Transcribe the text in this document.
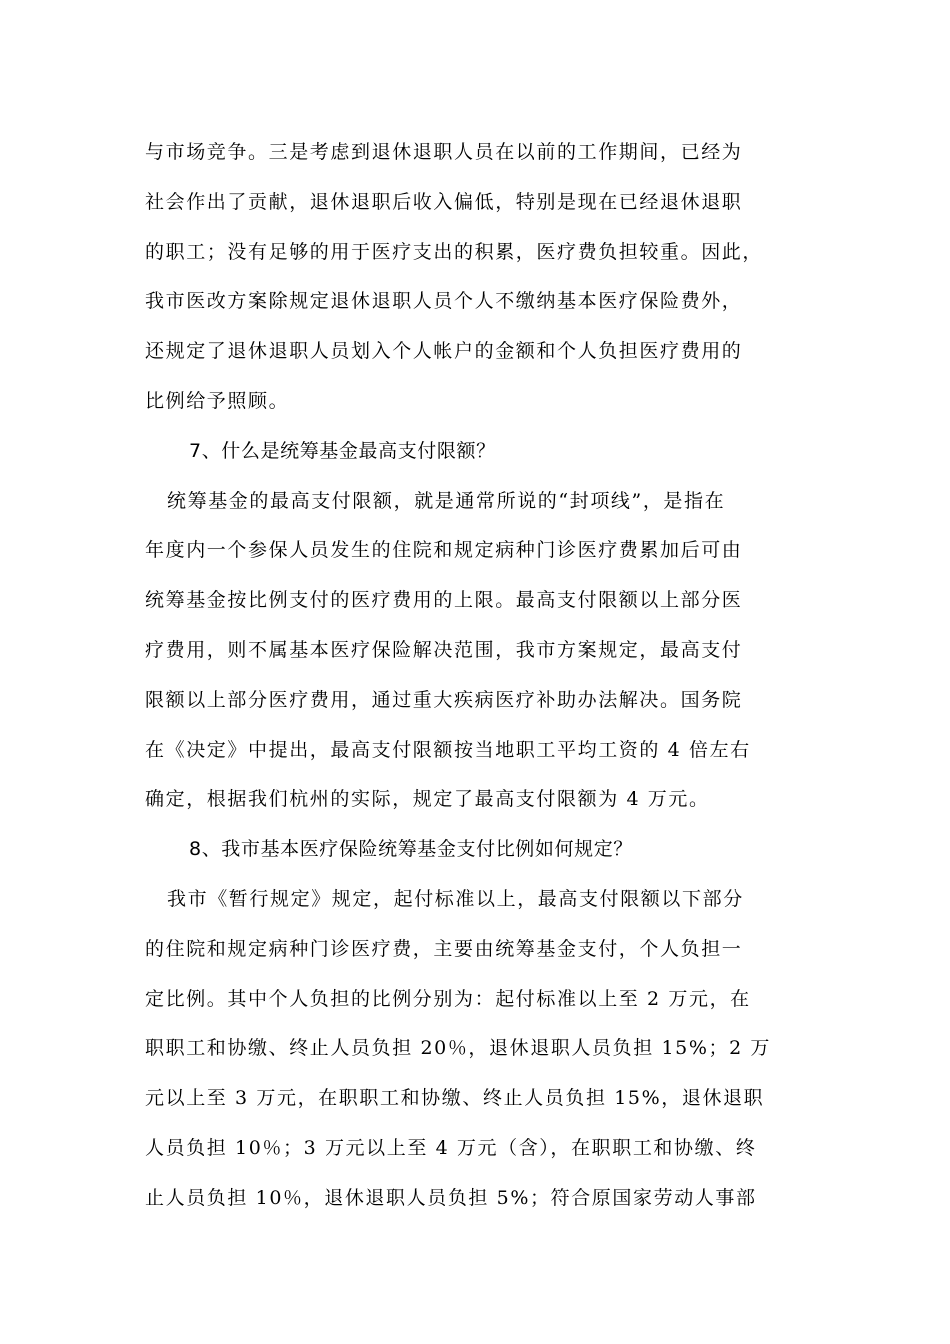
与市场竞争。三是考虑到退休退职人员在以前的工作期间，已经为
社会作出了贡献，退休退职后收入偏低，特别是现在已经退休退职
的职工；没有足够的用于医疗支出的积累，医疗费负担较重。因此，
我市医改方案除规定退休退职人员个人不缴纳基本医疗保险费外，
还规定了退休退职人员划入个人帐户的金额和个人负担医疗费用的
比例给予照顾。
7、什么是统筹基金最高支付限额？
统筹基金的最高支付限额，就是通常所说的“封项线”，是指在
年度内一个参保人员发生的住院和规定病种门诊医疗费累加后可由
统筹基金按比例支付的医疗费用的上限。最高支付限额以上部分医
疗费用，则不属基本医疗保险解决范围，我市方案规定，最高支付
限额以上部分医疗费用，通过重大疾病医疗补助办法解决。国务院
在《决定》中提出，最高支付限额按当地职工平均工资的 4 倍左右
确定，根据我们杭州的实际，规定了最高支付限额为 4 万元。
8、我市基本医疗保险统筹基金支付比例如何规定？
我市《暂行规定》规定，起付标准以上，最高支付限额以下部分
的住院和规定病种门诊医疗费，主要由统筹基金支付，个人负担一
定比例。其中个人负担的比例分别为：起付标准以上至 2 万元，在
职职工和协缴、终止人员负担 20％，退休退职人员负担 15%；2 万
元以上至 3 万元，在职职工和协缴、终止人员负担 15%，退休退职
人员负担 10％；3 万元以上至 4 万元（含），在职职工和协缴、终
止人员负担 10％，退休退职人员负担 5%；符合原国家劳动人事部
